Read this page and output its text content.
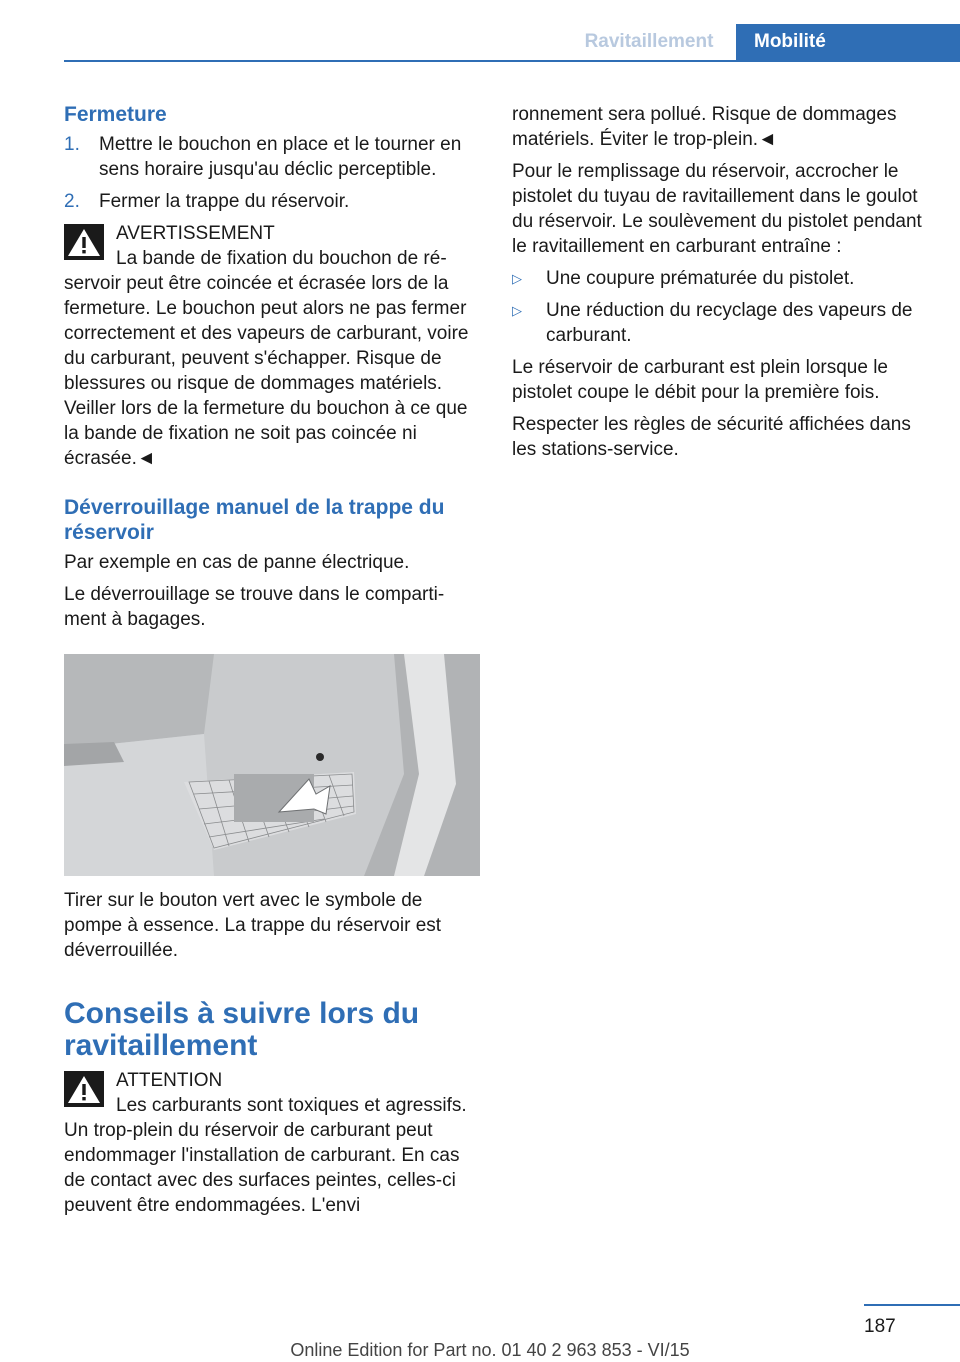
Ravitaillement	Mobilité
Fermeture
1. Mettre le bouchon en place et le tourner en sens horaire jusqu'au déclic perceptible.
2. Fermer la trappe du réservoir.
AVERTISSEMENT
La bande de fixation du bouchon de réservoir peut être coincée et écrasée lors de la fermeture. Le bouchon peut alors ne pas fermer correctement et des vapeurs de carburant, voire du carburant, peuvent s'échapper. Risque de blessures ou risque de dommages matériels. Veiller lors de la fermeture du bouchon à ce que la bande de fixation ne soit pas coincée ni écrasée.◄
Déverrouillage manuel de la trappe du réservoir

Par exemple en cas de panne électrique.

Le déverrouillage se trouve dans le compartiment à bagages.

Tirer sur le bouton vert avec le symbole de pompe à essence. La trappe du réservoir est déverrouillée.

Conseils à suivre lors du ravitaillement
ATTENTION
Les carburants sont toxiques et agressifs. Un trop-plein du réservoir de carburant peut endommager l'installation de carburant. En cas de contact avec des surfaces peintes, celles-ci peuvent être endommagées. L'envi

ronnement sera pollué. Risque de dommages matériels. Éviter le trop-plein.◄

Pour le remplissage du réservoir, accrocher le pistolet du tuyau de ravitaillement dans le goulot du réservoir. Le soulèvement du pistolet pendant le ravitaillement en carburant entraîne :

▷ Une coupure prématurée du pistolet.
▷ Une réduction du recyclage des vapeurs de carburant.

Le réservoir de carburant est plein lorsque le pistolet coupe le débit pour la première fois.

Respecter les règles de sécurité affichées dans les stations-service.

187
Online Edition for Part no. 01 40 2 963 853 - VI/15
